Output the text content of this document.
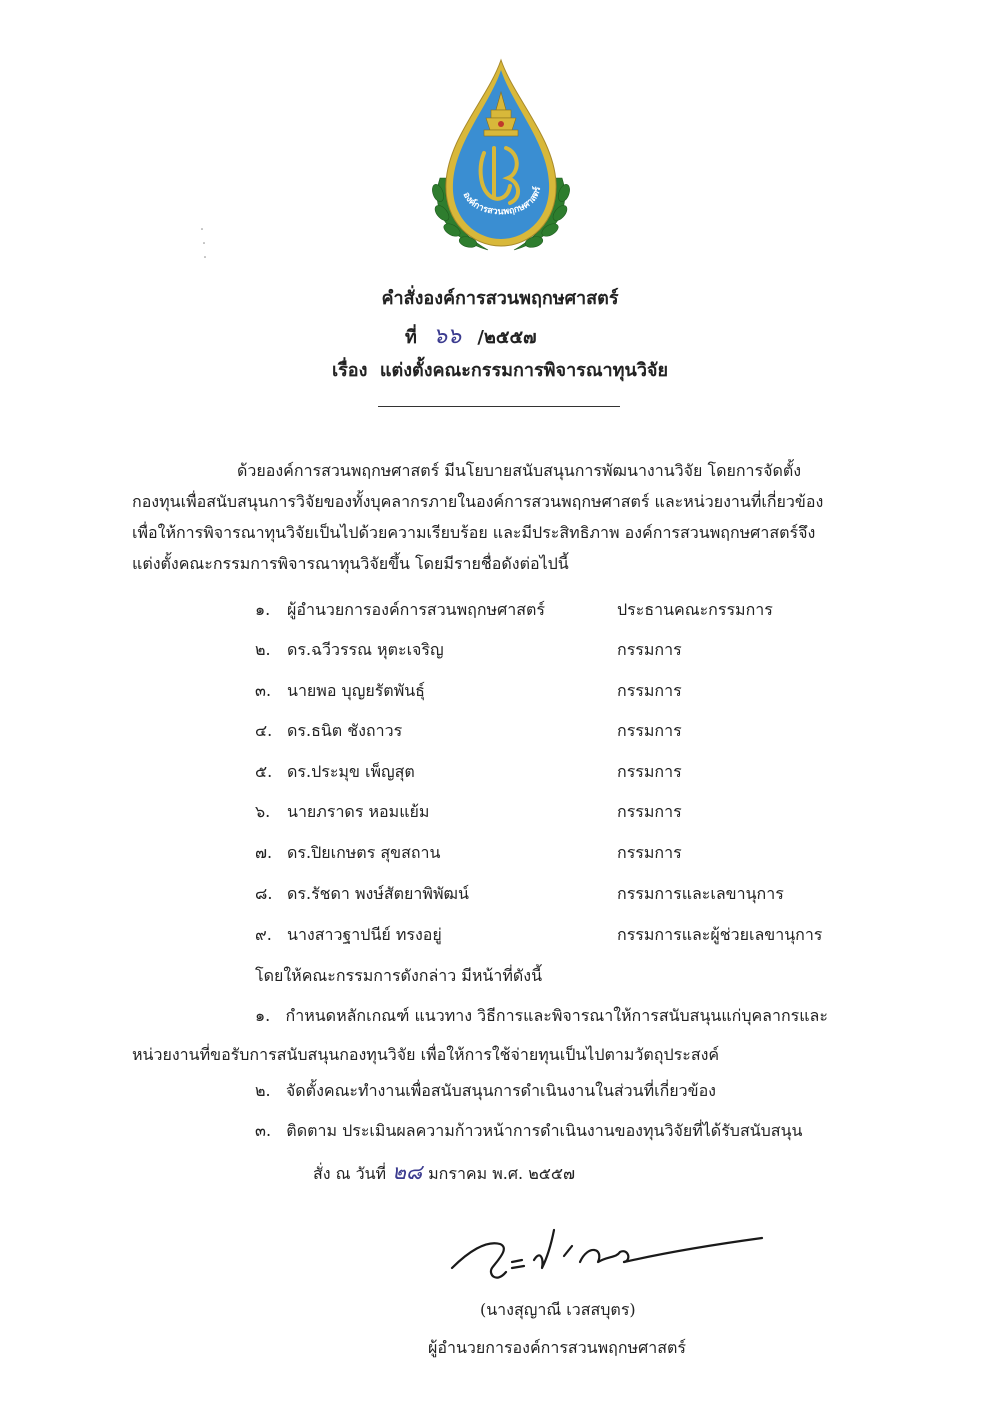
องค์การสวนพฤกษศาสตร์
คำสั่งองค์การสวนพฤกษศาสตร์
ที่ ๖๖ /๒๕๕๗
เรื่อง แต่งตั้งคณะกรรมการพิจารณาทุนวิจัย

ด้วยองค์การสวนพฤกษศาสตร์ มีนโยบายสนับสนุนการพัฒนางานวิจัย โดยการจัดตั้ง

กองทุนเพื่อสนับสนุนการวิจัยของทั้งบุคลากรภายในองค์การสวนพฤกษศาสตร์ และหน่วยงานที่เกี่ยวข้อง

เพื่อให้การพิจารณาทุนวิจัยเป็นไปด้วยความเรียบร้อย และมีประสิทธิภาพ องค์การสวนพฤกษศาสตร์จึง

แต่งตั้งคณะกรรมการพิจารณาทุนวิจัยขึ้น โดยมีรายชื่อดังต่อไปนี้

๑.	ผู้อำนวยการองค์การสวนพฤกษศาสตร์	ประธานคณะกรรมการ
๒.	ดร.ฉวีวรรณ หุตะเจริญ	กรรมการ
๓. นายพอ บุญยรัตพันธุ์	กรรมการ
๔. ดร.ธนิต ชังถาวร	กรรมการ
๕. ดร.ประมุข เพ็ญสุต	กรรมการ
๖.	นายภราดร หอมแย้ม	กรรมการ
๗. ดร.ปิยเกษตร สุขสถาน	กรรมการ
๘. ดร.รัชดา พงษ์สัตยาพิพัฒน์	กรรมการและเลขานุการ
๙. นางสาวฐาปนีย์ ทรงอยู่	กรรมการและผู้ช่วยเลขานุการ
โดยให้คณะกรรมการดังกล่าว มีหน้าที่ดังนี้
๑. กำหนดหลักเกณฑ์ แนวทาง วิธีการและพิจารณาให้การสนับสนุนแก่บุคลากรและ
หน่วยงานที่ขอรับการสนับสนุนกองทุนวิจัย เพื่อให้การใช้จ่ายทุนเป็นไปตามวัตถุประสงค์
๒. จัดตั้งคณะทำงานเพื่อสนับสนุนการดำเนินงานในส่วนที่เกี่ยวข้อง
๓. ติดตาม ประเมินผลความก้าวหน้าการดำเนินงานของทุนวิจัยที่ได้รับสนับสนุน
สั่ง ณ วันที่ ๒๘ มกราคม พ.ศ. ๒๕๕๗
(นางสุญาณี เวสสบุตร)
ผู้อำนวยการองค์การสวนพฤกษศาสตร์
